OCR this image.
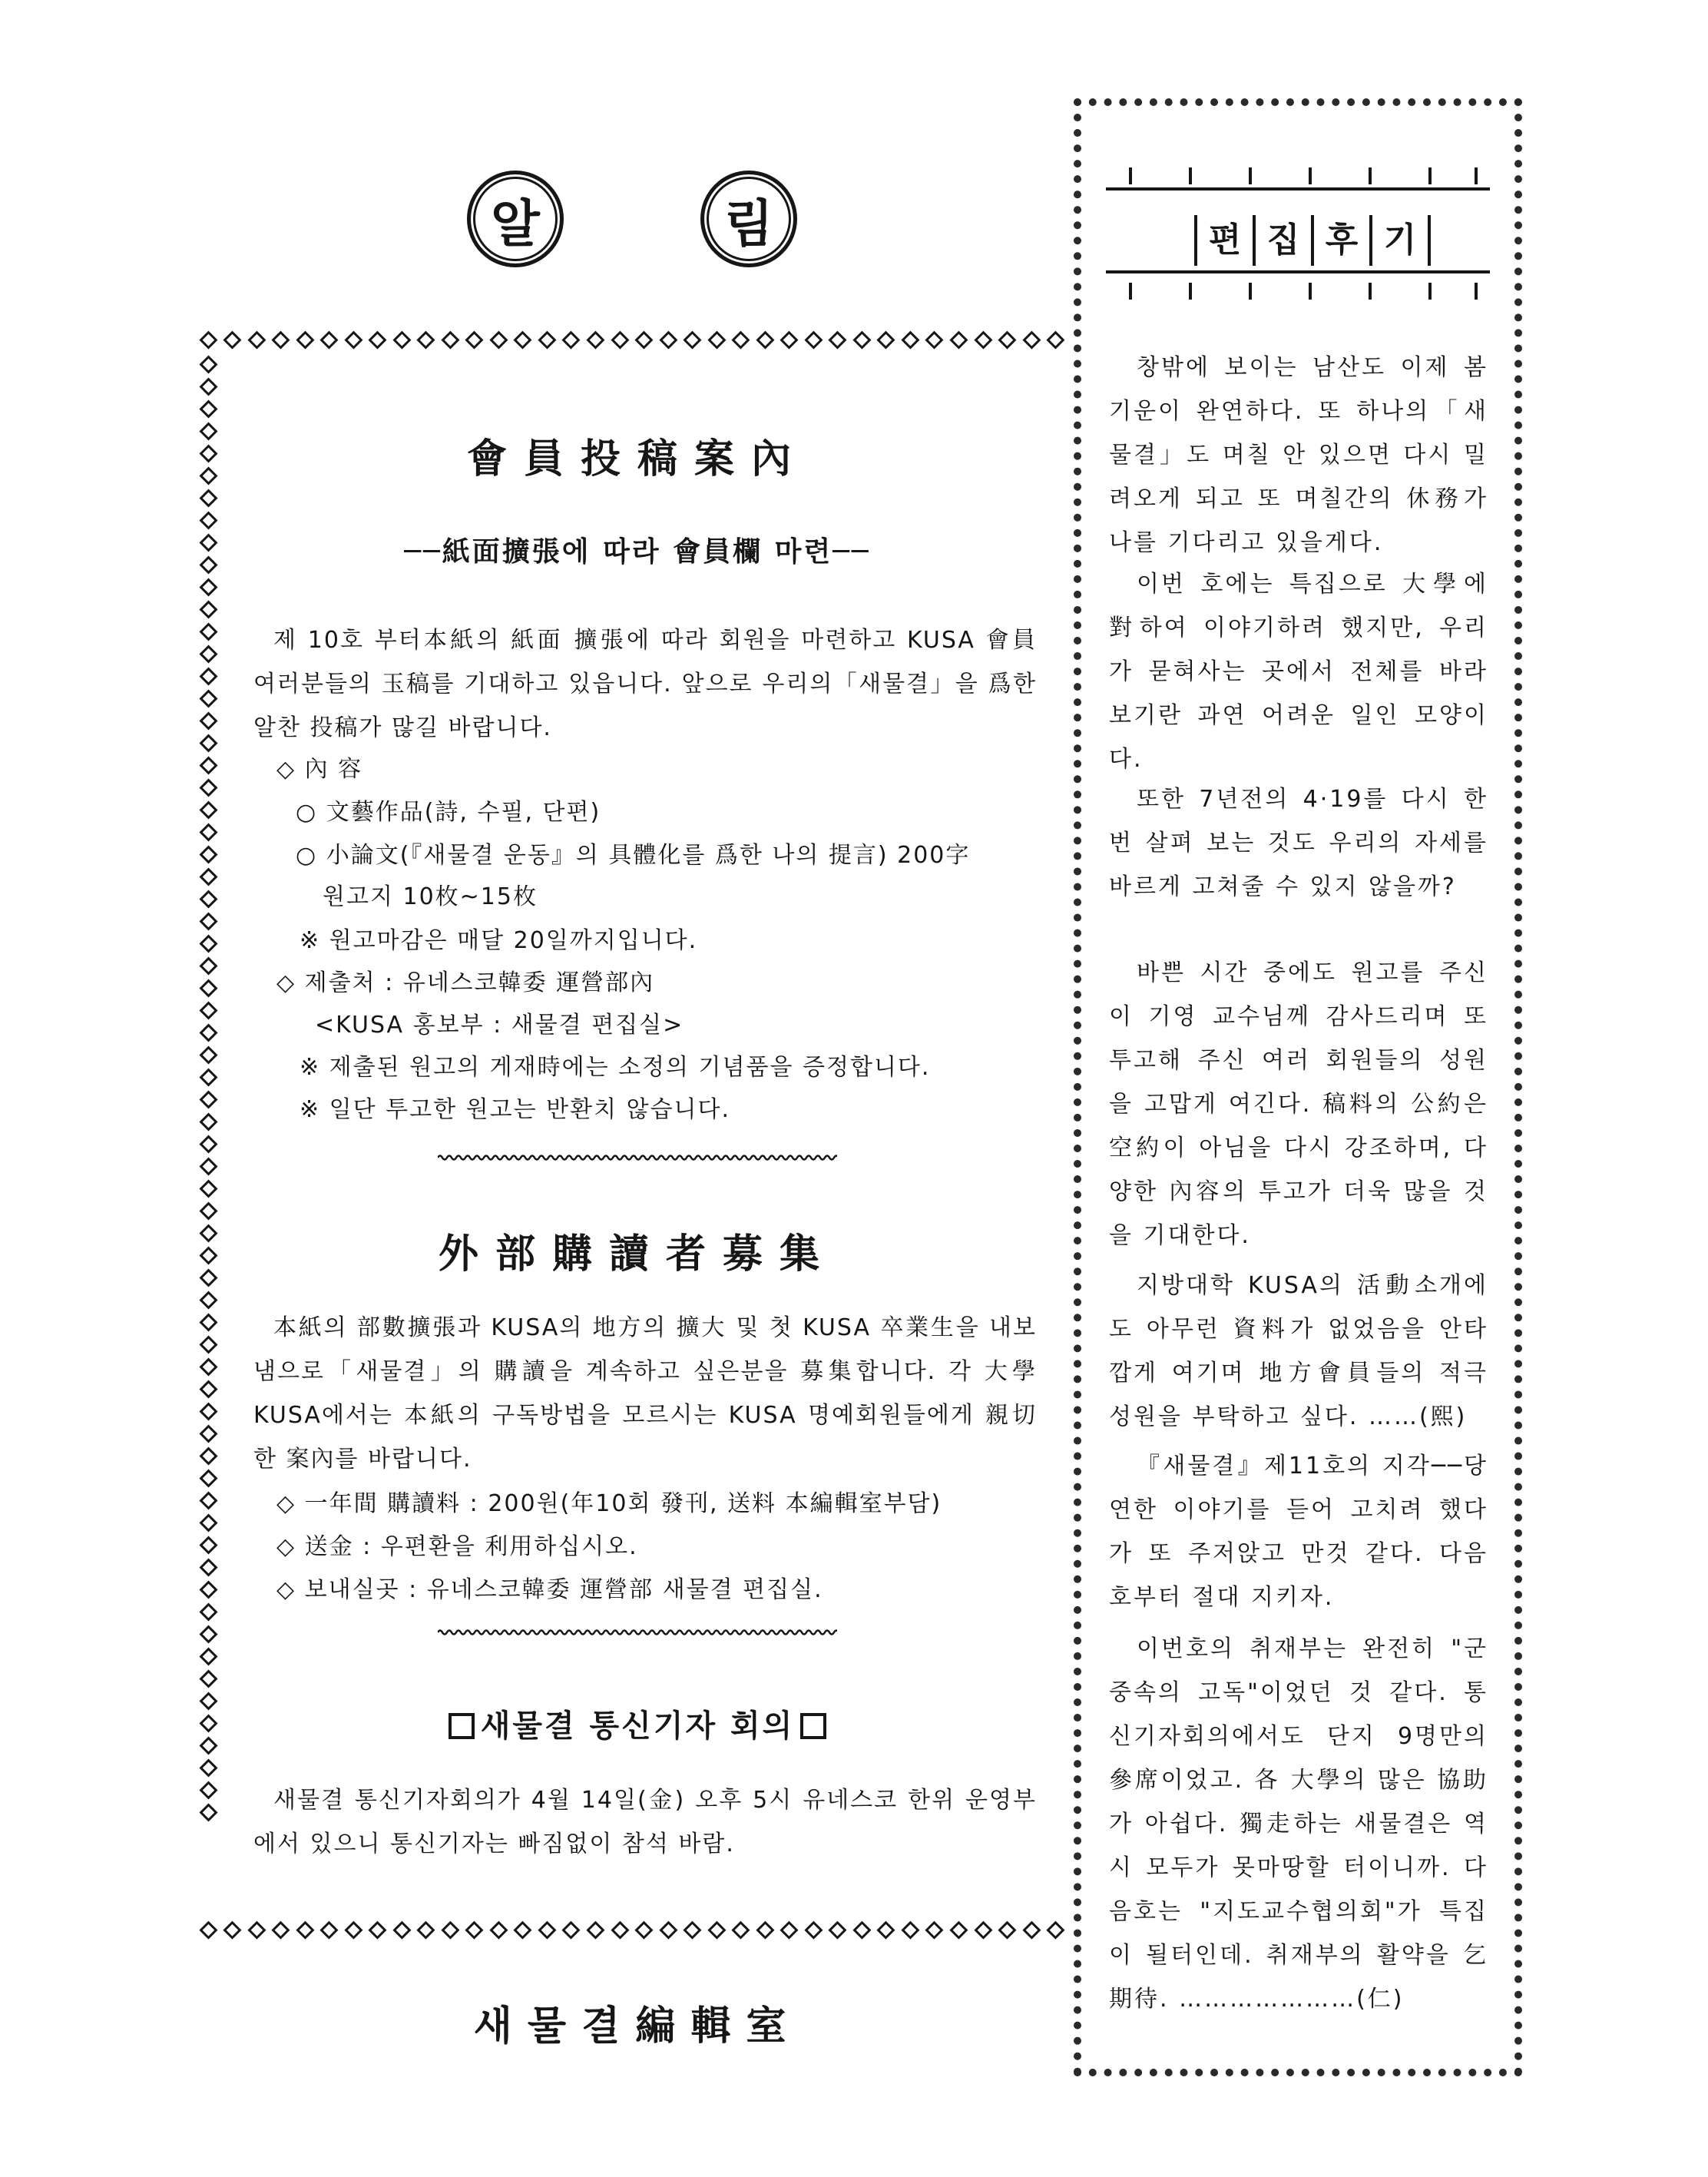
알	림
會員投稿案內
──紙面擴張에 따라 會員欄 마련──
제 10호 부터本紙의 紙面 擴張에 따라 회원을 마련하고 KUSA 會員 여러분들의 玉稿를 기대하고 있읍니다. 앞으로 우리의「새물결」을 爲한 알찬 投稿가 많길 바랍니다.
◇ 內 容
○ 文藝作品(詩, 수필, 단편)
○ 小論文(『새물결 운동』의 具體化를 爲한 나의 提言) 200字
원고지 10枚~15枚
※ 원고마감은 매달 20일까지입니다.
◇ 제출처 : 유네스코韓委 運營部內
<KUSA 홍보부 : 새물결 편집실>
※ 제출된 원고의 게재時에는 소정의 기념품을 증정합니다.
※ 일단 투고한 원고는 반환치 않습니다.
外部購讀者募集
本紙의 部數擴張과 KUSA의 地方의 擴大 및 첫 KUSA 卒業生을 내보냄으로「새물결」의 購讀을 계속하고 싶은분을 募集합니다. 각 大學 KUSA에서는 本紙의 구독방법을 모르시는 KUSA 명예회원들에게 親切한 案內를 바랍니다.
◇ 一年間 購讀料 : 200원(年10회 發刊, 送料 本編輯室부담)
◇ 送金 : 우편환을 利用하십시오.
◇ 보내실곳 : 유네스코韓委 運營部 새물결 편집실.
새물결 통신기자 회의
새물결 통신기자회의가 4월 14일(金) 오후 5시 유네스코 한위 운영부에서 있으니 통신기자는 빠짐없이 참석 바람.
새물결編輯室
편 집 후 기
창밖에 보이는 남산도 이제 봄기운이 완연하다. 또 하나의「새물결」도 며칠 안 있으면 다시 밀려오게 되고 또 며칠간의 休務가 나를 기다리고 있을게다.
이번 호에는 특집으로 大學에 對하여 이야기하려 했지만, 우리가 묻혀사는 곳에서 전체를 바라보기란 과연 어려운 일인 모양이다.
또한 7년전의 4·19를 다시 한번 살펴 보는 것도 우리의 자세를 바르게 고쳐줄 수 있지 않을까?
바쁜 시간 중에도 원고를 주신 이 기영 교수님께 감사드리며 또 투고해 주신 여러 회원들의 성원을 고맙게 여긴다. 稿料의 公約은 空約이 아님을 다시 강조하며, 다양한 內容의 투고가 더욱 많을 것을 기대한다.
지방대학 KUSA의 活動소개에도 아무런 資料가 없었음을 안타깝게 여기며 地方會員들의 적극 성원을 부탁하고 싶다. ……(熙)
『새물결』제11호의 지각──당연한 이야기를 듣어 고치려 했다가 또 주저앉고 만것 같다. 다음 호부터 절대 지키자.
이번호의 취재부는 완전히 "군중속의 고독"이었던 것 같다. 통신기자회의에서도 단지 9명만의 參席이었고. 各 大學의 많은 協助가 아쉽다. 獨走하는 새물결은 역시 모두가 못마땅할 터이니까. 다음호는 "지도교수협의회"가 특집이 될터인데. 취재부의 활약을 乞期待. …………………(仁)
